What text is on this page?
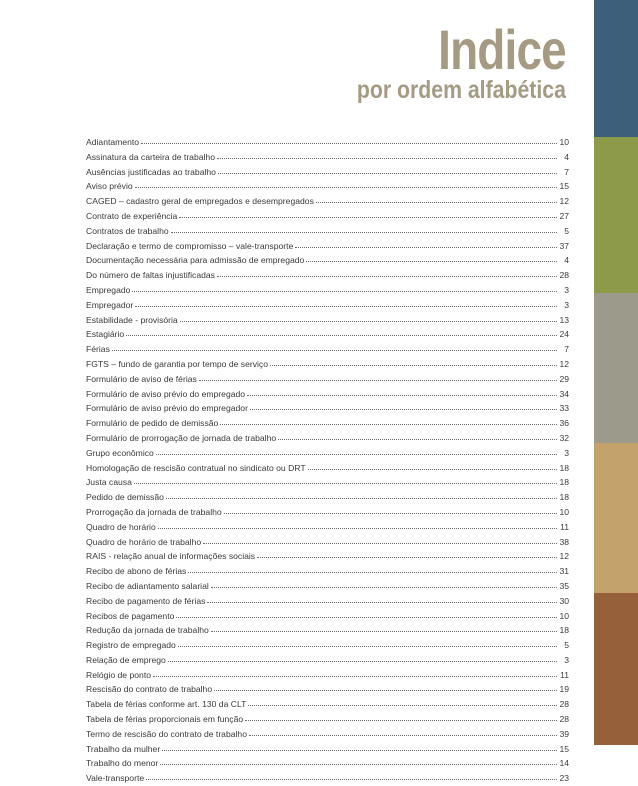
Indice
por ordem alfabética
Adiantamento	10
Assinatura da carteira de trabalho	4
Ausências justificadas ao trabalho	7
Aviso prévio	15
CAGED – cadastro geral de empregados e desempregados	12
Contrato de experiência	27
Contratos de trabalho	5
Declaração e termo de compromisso – vale-transporte	37
Documentação necessária para admissão de empregado	4
Do número de faltas injustificadas	28
Empregado	3
Empregador	3
Estabilidade - provisória	13
Estagiário	24
Férias	7
FGTS – fundo de garantia por tempo de serviço	12
Formulário de aviso de férias	29
Formulário de aviso prévio do empregado	34
Formulário de aviso prévio do empregador	33
Formulário de pedido de demissão	36
Formulário de prorrogação de jornada de trabalho	32
Grupo econômico	3
Homologação de rescisão contratual no sindicato ou DRT	18
Justa causa	18
Pedido de demissão	18
Prorrogação da jornada de trabalho	10
Quadro de horário	11
Quadro de horário de trabalho	38
RAIS - relação anual de informações sociais	12
Recibo de abono de férias	31
Recibo de adiantamento salarial	35
Recibo de pagamento de férias	30
Recibos de pagamento	10
Redução da jornada de trabalho	18
Registro de empregado	5
Relação de emprego	3
Relógio de ponto	11
Rescisão do contrato de trabalho	19
Tabela de férias conforme art. 130 da CLT	28
Tabela de férias proporcionais em função	28
Termo de rescisão do contrato de trabalho	39
Trabalho da mulher	15
Trabalho do menor	14
Vale-transporte	23
